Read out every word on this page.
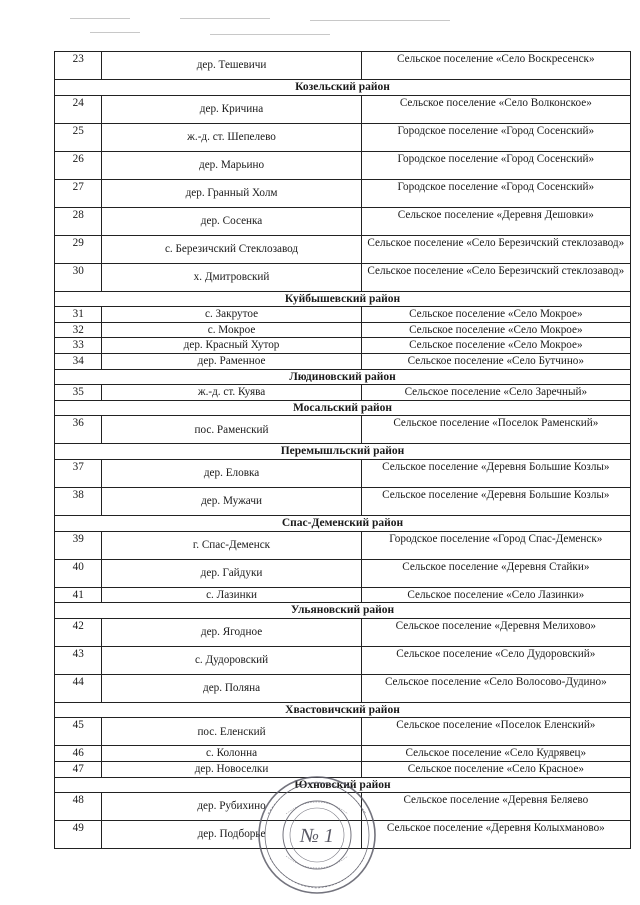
23	дер. Тешевичи	Сельское поселение «Село Воскресенск»
Козельский район		
24	дер. Кричина	Сельское поселение «Село Волконское»
25	ж.-д. ст. Шепелево	Городское поселение «Город Сосенский»
26	дер. Марьино	Городское поселение «Город Сосенский»
27	дер. Гранный Холм	Городское поселение «Город Сосенский»
28	дер. Сосенка	Сельское поселение «Деревня Дешовки»
29	с. Березичский Стеклозавод	Сельское поселение «Село Березичский стеклозавод»
30	х. Дмитровский	Сельское поселение «Село Березичский стеклозавод»
Куйбышевский район		
31	с. Закрутое	Сельское поселение «Село Мокрое»
32	с. Мокрое	Сельское поселение «Село Мокрое»
33	дер. Красный Хутор	Сельское поселение «Село Мокрое»
34	дер. Раменное	Сельское поселение «Село Бутчино»
Людиновский район		
35	ж.-д. ст. Куява	Сельское поселение «Село Заречный»
Мосальский район		
36	пос. Раменский	Сельское поселение «Поселок Раменский»
Перемышльский район		
37	дер. Еловка	Сельское поселение «Деревня Большие Козлы»
38	дер. Мужачи	Сельское поселение «Деревня Большие Козлы»
Спас-Деменский район		
39	г. Спас-Деменск	Городское поселение «Город Спас-Деменск»
40	дер. Гайдуки	Сельское поселение «Деревня Стайки»
41	с. Лазинки	Сельское поселение «Село Лазинки»
Ульяновский район		
42	дер. Ягодное	Сельское поселение «Деревня Мелихово»
43	с. Дудоровский	Сельское поселение «Село Дудоровский»
44	дер. Поляна	Сельское поселение «Село Волосово-Дудино»
Хвастовичский район		
45	пос. Еленский	Сельское поселение «Поселок Еленский»
46	с. Колонна	Сельское поселение «Село Кудрявец»
47	дер. Новоселки	Сельское поселение «Село Красное»
Юхновский район		
48	дер. Рубихино	Сельское поселение «Деревня Беляево
49	дер. Подборье	Сельское поселение «Деревня Колыхманово»
№ 1
